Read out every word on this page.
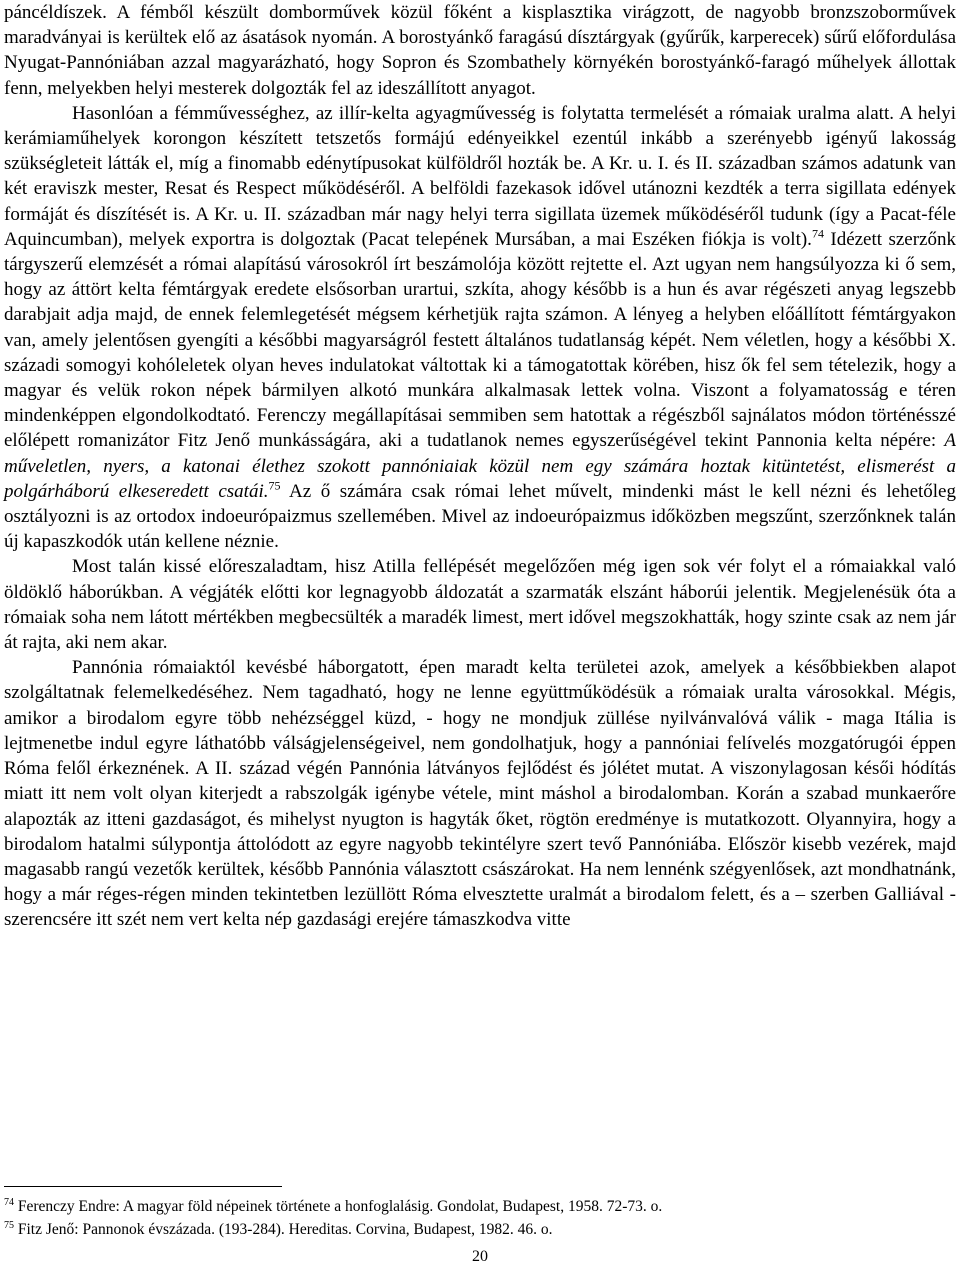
páncéldíszek. A fémből készült domborművek közül főként a kisplasztika virágzott, de nagyobb bronzszoborművek maradványai is kerültek elő az ásatások nyomán. A borostyánkő faragású dísztárgyak (gyűrűk, karperecek) sűrű előfordulása Nyugat-Pannóniában azzal magyarázható, hogy Sopron és Szombathely környékén borostyánkő-faragó műhelyek állottak fenn, melyekben helyi mesterek dolgozták fel az ideszállított anyagot.

Hasonlóan a fémművességhez, az illír-kelta agyagművesség is folytatta termelését a rómaiak uralma alatt. A helyi kerámiaműhelyek korongon készített tetszetős formájú edényeikkel ezentúl inkább a szerényebb igényű lakosság szükségleteit látták el, míg a finomabb edénytípusokat külföldről hozták be. A Kr. u. I. és II. században számos adatunk van két eraviszk mester, Resat és Respect működéséről. A belföldi fazekasok idővel utánozni kezdték a terra sigillata edények formáját és díszítését is. A Kr. u. II. században már nagy helyi terra sigillata üzemek működéséről tudunk (így a Pacat-féle Aquincumban), melyek exportra is dolgoztak (Pacat telepének Mursában, a mai Eszéken fiókja is volt).$^{74}$ Idézett szerzőnk tárgyszerű elemzését a római alapítású városokról írt beszámolója között rejtette el. Azt ugyan nem hangsúlyozza ki ő sem, hogy az áttört kelta fémtárgyak eredete elsősorban urartui, szkíta, ahogy később is a hun és avar régészeti anyag legszebb darabjait adja majd, de ennek felemlegetését mégsem kérhetjük rajta számon. A lényeg a helyben előállított fémtárgyakon van, amely jelentősen gyengíti a későbbi magyarságról festett általános tudatlanság képét. Nem véletlen, hogy a későbbi X. századi somogyi kohóleletek olyan heves indulatokat váltottak ki a támogatottak körében, hisz ők fel sem tételezik, hogy a magyar és velük rokon népek bármilyen alkotó munkára alkalmasak lettek volna. Viszont a folyamatosság e téren mindenképpen elgondolkodtató. Ferenczy megállapításai semmiben sem hatottak a régészből sajnálatos módon történésszé előlépett romanizátor Fitz Jenő munkásságára, aki a tudatlanok nemes egyszerűségével tekint Pannonia kelta népére: A műveletlen, nyers, a katonai élethez szokott pannóniaiak közül nem egy számára hoztak kitüntetést, elismerést a polgárháború elkeseredett csatái.$^{75}$ Az ő számára csak római lehet művelt, mindenki mást le kell nézni és lehetőleg osztályozni is az ortodox indoeurópaizmus szellemében. Mivel az indoeurópaizmus időközben megszűnt, szerzőnknek talán új kapaszkodók után kellene néznie.

Most talán kissé előreszaladtam, hisz Atilla fellépését megelőzően még igen sok vér folyt el a rómaiakkal való öldöklő háborúkban. A végjáték előtti kor legnagyobb áldozatát a szarmaták elszánt háborúi jelentik. Megjelenésük óta a rómaiak soha nem látott mértékben megbecsülték a maradék limest, mert idővel megszokhatták, hogy szinte csak az nem jár át rajta, aki nem akar.

Pannónia rómaiaktól kevésbé háborgatott, épen maradt kelta területei azok, amelyek a későbbiekben alapot szolgáltatnak felemelkedéséhez. Nem tagadható, hogy ne lenne együttműködésük a rómaiak uralta városokkal. Mégis, amikor a birodalom egyre több nehézséggel küzd, - hogy ne mondjuk züllése nyilvánvalóvá válik - maga Itália is lejtmenetbe indul egyre láthatóbb válságjelenségeivel, nem gondolhatjuk, hogy a pannóniai felívelés mozgatórugói éppen Róma felől érkeznének. A II. század végén Pannónia látványos fejlődést és jólétet mutat. A viszonylagosan késői hódítás miatt itt nem volt olyan kiterjedt a rabszolgák igénybe vétele, mint máshol a birodalomban. Korán a szabad munkaerőre alapozták az itteni gazdaságot, és mihelyst nyugton is hagyták őket, rögtön eredménye is mutatkozott. Olyannyira, hogy a birodalom hatalmi súlypontja áttolódott az egyre nagyobb tekintélyre szert tevő Pannóniába. Először kisebb vezérek, majd magasabb rangú vezetők kerültek, később Pannónia választott császárokat. Ha nem lennénk szégyenlősek, azt mondhatnánk, hogy a már réges-régen minden tekintetben lezüllött Róma elvesztette uralmát a birodalom felett, és a – szerben Galliával - szerencsére itt szét nem vert kelta nép gazdasági erejére támaszkodva vitte

$^{74}$ Ferenczy Endre: A magyar föld népeinek története a honfoglalásig. Gondolat, Budapest, 1958. 72-73. o.
$^{75}$ Fitz Jenő: Pannonok évszázada. (193-284). Hereditas. Corvina, Budapest, 1982. 46. o.
20
